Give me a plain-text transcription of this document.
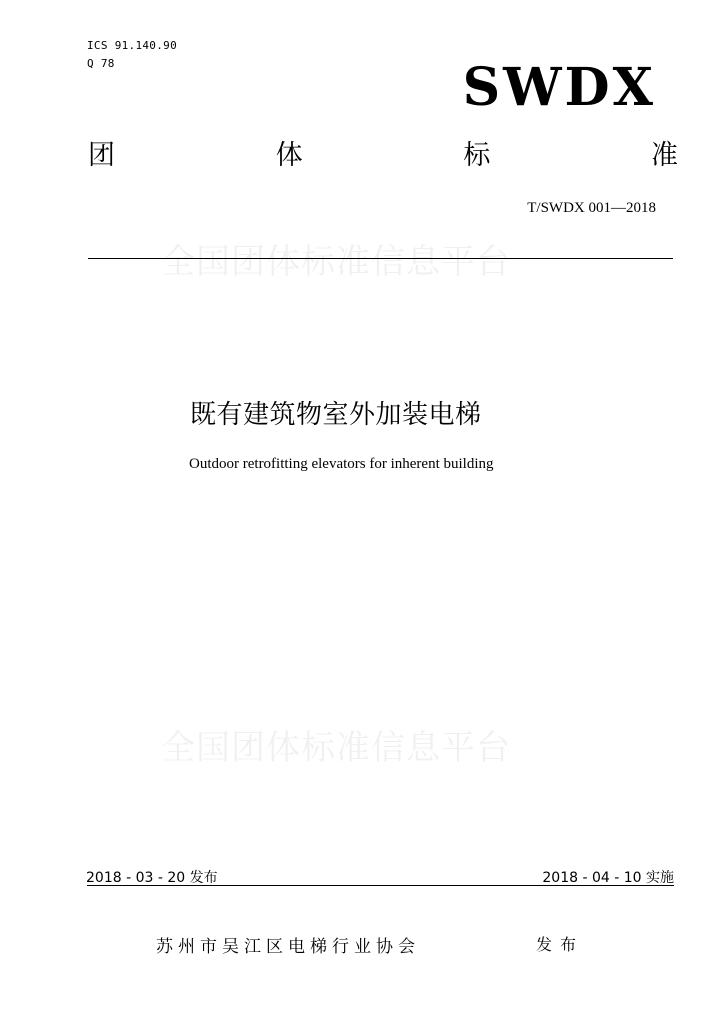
ICS 91.140.90
Q 78	SWDX
团	体	标	准
T/SWDX 001—2018
全国团体标准信息平台
既有建筑物室外加装电梯
Outdoor retrofitting elevators for inherent building
全国团体标准信息平台
2018 - 03 - 20 发布	2018 - 04 - 10 实施
苏州市吴江区电梯行业协会	发布
